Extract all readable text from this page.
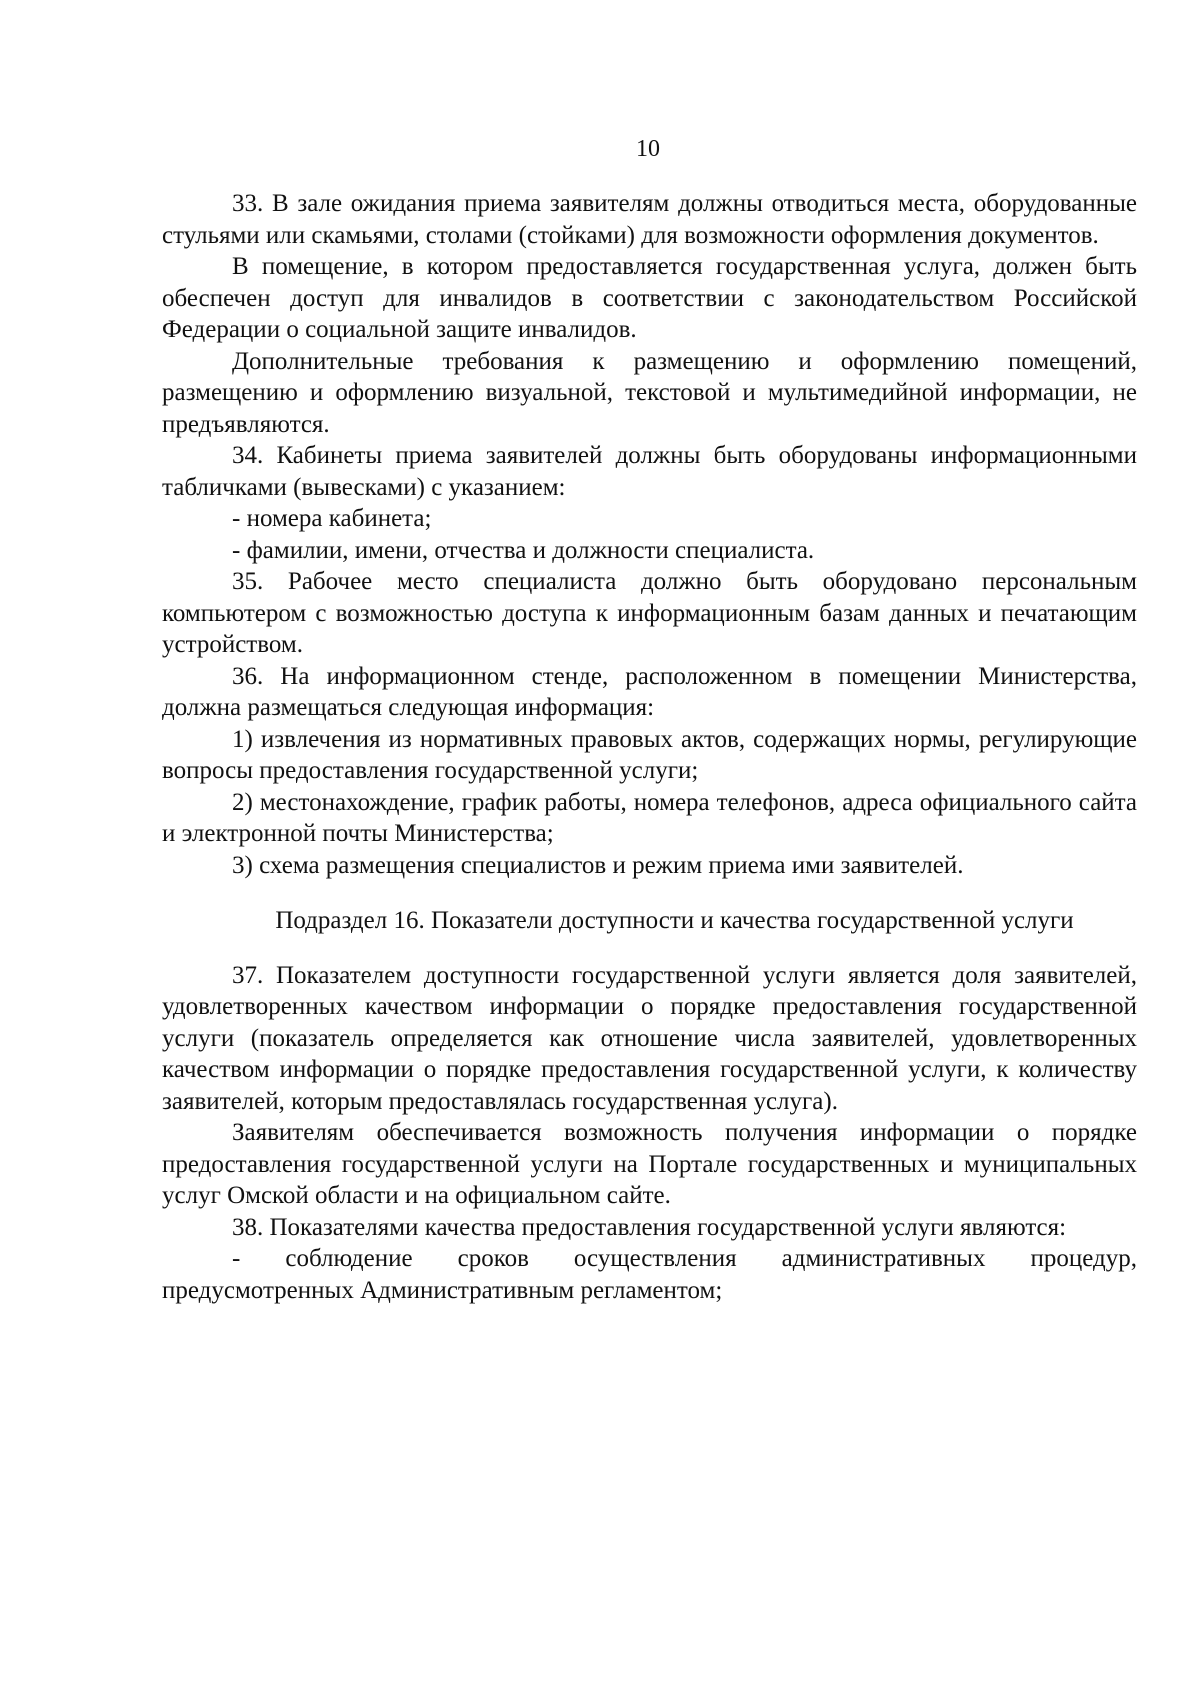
10

33. В зале ожидания приема заявителям должны отводиться места, оборудованные стульями или скамьями, столами (стойками) для возможности оформления документов.

В помещение, в котором предоставляется государственная услуга, должен быть обеспечен доступ для инвалидов в соответствии с законодательством Российской Федерации о социальной защите инвалидов.

Дополнительные требования к размещению и оформлению помещений, размещению и оформлению визуальной, текстовой и мультимедийной информации, не предъявляются.

34. Кабинеты приема заявителей должны быть оборудованы информационными табличками (вывесками) с указанием:

- номера кабинета;

- фамилии, имени, отчества и должности специалиста.

35. Рабочее место специалиста должно быть оборудовано персональным компьютером с возможностью доступа к информационным базам данных и печатающим устройством.

36. На информационном стенде, расположенном в помещении Министерства, должна размещаться следующая информация:

1) извлечения из нормативных правовых актов, содержащих нормы, регулирующие вопросы предоставления государственной услуги;

2) местонахождение, график работы, номера телефонов, адреса официального сайта и электронной почты Министерства;

3) схема размещения специалистов и режим приема ими заявителей.

Подраздел 16. Показатели доступности и качества государственной услуги

37. Показателем доступности государственной услуги является доля заявителей, удовлетворенных качеством информации о порядке предоставления государственной услуги (показатель определяется как отношение числа заявителей, удовлетворенных качеством информации о порядке предоставления государственной услуги, к количеству заявителей, которым предоставлялась государственная услуга).

Заявителям обеспечивается возможность получения информации о порядке предоставления государственной услуги на Портале государственных и муниципальных услуг Омской области и на официальном сайте.

38. Показателями качества предоставления государственной услуги являются:

- соблюдение сроков осуществления административных процедур, предусмотренных Административным регламентом;
